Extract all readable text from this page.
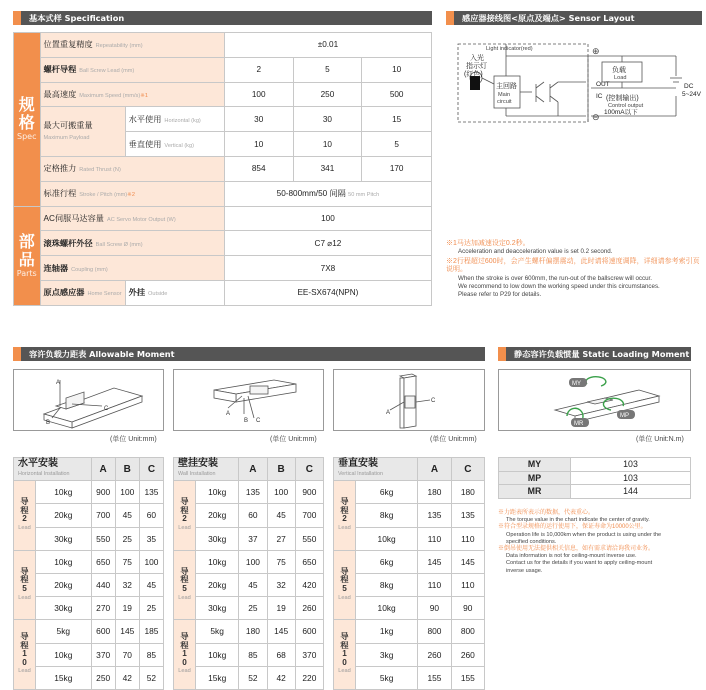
基本式样 Specification	感应器接线图<原点及端点> Sensor Layout
容许负载力距表 Allowable Moment	静态容许负载惯量 Static Loading Moment
规
格
Spec	位置重复精度 Repeatability (mm)		±0.01		
	螺杆导程 Ball Screw Lead (mm)		2	5	10
	最高速度 Maximum Speed (mm/s)※1		100	250	500
	最大可搬重量
Maximum Payload	水平使用 Horizontal (kg)	30	30	15
		垂直使用 Vertical (kg)	10	10	5
	定格推力 Rated Thrust (N)		854	341	170
	标准行程 Stroke / Pitch (mm)※2		50-800mm/50 间隔 50 mm Pitch		
部
品
Parts	AC伺服马达容量 AC Servo Motor Output (W)		100		
	滚珠螺杆外径 Ball Screw Ø (mm)		C7 ⌀12		
	连轴器 Coupling (mm)		7X8		
	原点感应器 Home Sensor	外挂 Outside	EE-SX674(NPN)		
Light indicator(red)	⊕
⊖
入光
指示灯
(红色)
主回路
Main
circuit
负载
Load
OUT
IC (控制输出)
Control output
100mA以下
DC
5~24V
※1马达加减速设定0.2秒。
Acceleration and deacceleration value is set 0.2 second.
※2行程超过600时，会产生螺杆偏摆震动，此时请将速度调降，详细请参考索引页说明。
When the stroke is over 600mm, the run-out of the ballscrew will occur.
We recommend to low down the working speed under this circumstances.
Please refer to P29 for details.
A
B
C
A
B C
A
C
MY
MP
MR
(单位 Unit:mm)	(单位 Unit:mm)	(单位 Unit:mm)	(单位 Unit:N.m)
水平安装
Horizontal Installation		A	B	C
导
程
2
Lead	10kg	900	100	135
	20kg	700	45	60
	30kg	550	25	35
导
程
5
Lead	10kg	650	75	100
	20kg	440	32	45
	30kg	270	19	25
导
程
1
0
Lead	5kg	600	145	185
	10kg	370	70	85
	15kg	250	42	52
壁挂安装
Wall Installation		A	B	C
导
程
2
Lead	10kg	135	100	900
	20kg	60	45	700
	30kg	37	27	550
导
程
5
Lead	10kg	100	75	650
	20kg	45	32	420
	30kg	25	19	260
导
程
1
0
Lead	5kg	180	145	600
	10kg	85	68	370
	15kg	52	42	220
垂直安装
Vertical Installation		A	C
导
程
2
Lead	6kg	180	180
	8kg	135	135
	10kg	110	110
导
程
5
Lead	6kg	145	145
	8kg	110	110
	10kg	90	90
导
程
1
0
Lead	1kg	800	800
	3kg	260	260
	5kg	155	155
MY	103
MP	103
MR	144
※力距表所表示的数据，代表重心。
The torque value in the chart indicate the center of gravity.
※符合型录规格的运行使用下，保证寿命为10000公里。
Operation life is 10,000km when the product is using under the
specified conditions.
※倒吊使用无法提供相关信息，如有需求请洽询我司业务。
Data information is not for ceiling-mount inverse use.
Contact us for the details if you want to apply ceiling-mount
inverse usage.
